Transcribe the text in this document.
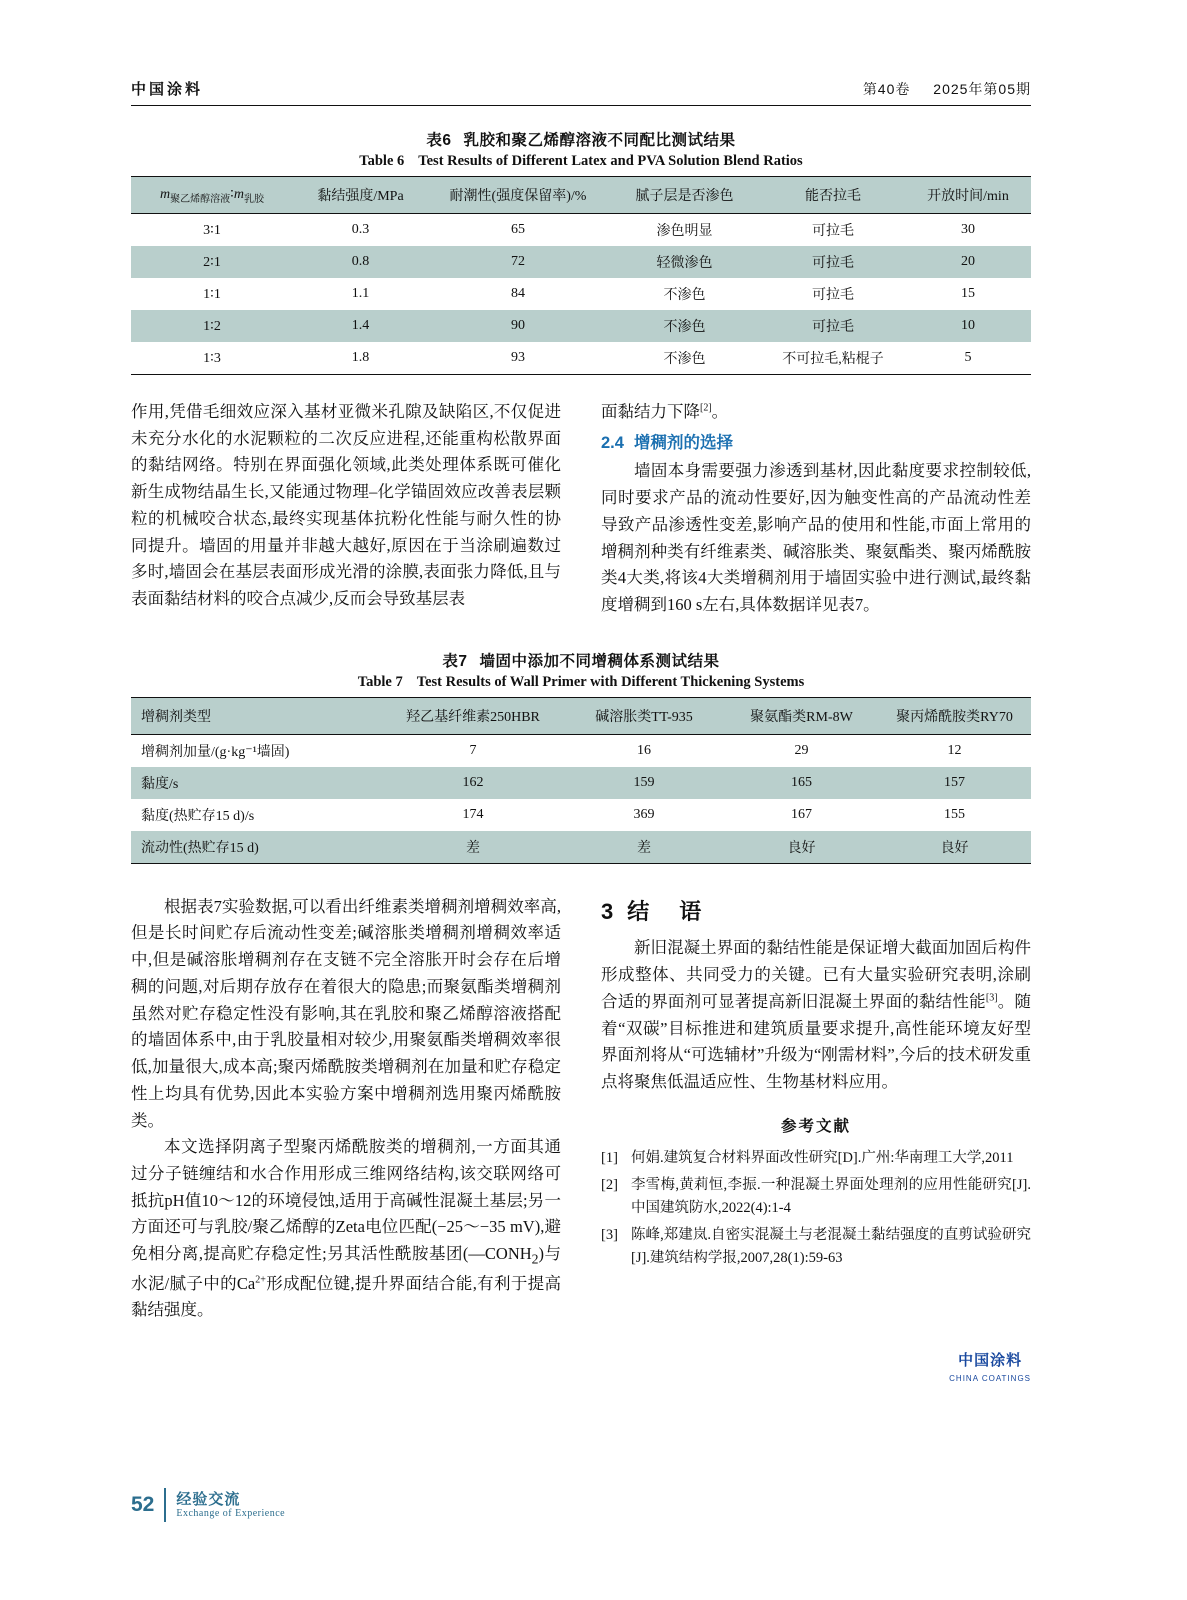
中国涂料	第40卷 2025年第05期
表6 乳胶和聚乙烯醇溶液不同配比测试结果
Table 6 Test Results of Different Latex and PVA Solution Blend Ratios
$m_{聚乙烯醇溶液}∶m_{乳胶}$	黏结强度/MPa	耐潮性(强度保留率)/%	腻子层是否渗色	能否拉毛	开放时间/min
3∶1	0.3	65	渗色明显	可拉毛	30
2∶1	0.8	72	轻微渗色	可拉毛	20
1∶1	1.1	84	不渗色	可拉毛	15
1∶2	1.4	90	不渗色	可拉毛	10
1∶3	1.8	93	不渗色	不可拉毛,粘棍子	5

作用,凭借毛细效应深入基材亚微米孔隙及缺陷区,不仅促进未充分水化的水泥颗粒的二次反应进程,还能重构松散界面的黏结网络。特别在界面强化领域,此类处理体系既可催化新生成物结晶生长,又能通过物理–化学锚固效应改善表层颗粒的机械咬合状态,最终实现基体抗粉化性能与耐久性的协同提升。墙固的用量并非越大越好,原因在于当涂刷遍数过多时,墙固会在基层表面形成光滑的涂膜,表面张力降低,且与表面黏结材料的咬合点减少,反而会导致基层表

面黏结力下降[2]。

2.4 增稠剂的选择

墙固本身需要强力渗透到基材,因此黏度要求控制较低,同时要求产品的流动性要好,因为触变性高的产品流动性差导致产品渗透性变差,影响产品的使用和性能,市面上常用的增稠剂种类有纤维素类、碱溶胀类、聚氨酯类、聚丙烯酰胺类4大类,将该4大类增稠剂用于墙固实验中进行测试,最终黏度增稠到160 s左右,具体数据详见表7。

表7 墙固中添加不同增稠体系测试结果
Table 7 Test Results of Wall Primer with Different Thickening Systems
增稠剂类型	羟乙基纤维素250HBR	碱溶胀类TT-935	聚氨酯类RM-8W	聚丙烯酰胺类RY70
增稠剂加量/(g·kg⁻¹墙固)	7	16	29	12
黏度/s	162	159	165	157
黏度(热贮存15 d)/s	174	369	167	155
流动性(热贮存15 d)	差	差	良好	良好

根据表7实验数据,可以看出纤维素类增稠剂增稠效率高,但是长时间贮存后流动性变差;碱溶胀类增稠剂增稠效率适中,但是碱溶胀增稠剂存在支链不完全溶胀开时会存在后增稠的问题,对后期存放存在着很大的隐患;而聚氨酯类增稠剂虽然对贮存稳定性没有影响,其在乳胶和聚乙烯醇溶液搭配的墙固体系中,由于乳胶量相对较少,用聚氨酯类增稠效率很低,加量很大,成本高;聚丙烯酰胺类增稠剂在加量和贮存稳定性上均具有优势,因此本实验方案中增稠剂选用聚丙烯酰胺类。

本文选择阴离子型聚丙烯酰胺类的增稠剂,一方面其通过分子链缠结和水合作用形成三维网络结构,该交联网络可抵抗pH值10～12的环境侵蚀,适用于高碱性混凝土基层;另一方面还可与乳胶/聚乙烯醇的Zeta电位匹配(−25～−35 mV),避免相分离,提高贮存稳定性;另其活性酰胺基团$(—CONH_2)$与水泥/腻子中的$Ca^{2+}$形成配位键,提升界面结合能,有利于提高黏结强度。

3 结　语

新旧混凝土界面的黏结性能是保证增大截面加固后构件形成整体、共同受力的关键。已有大量实验研究表明,涂刷合适的界面剂可显著提高新旧混凝土界面的黏结性能[3]。随着“双碳”目标推进和建筑质量要求提升,高性能环境友好型界面剂将从“可选辅材”升级为“刚需材料”,今后的技术研发重点将聚焦低温适应性、生物基材料应用。

参考文献
[1] 何娟.建筑复合材料界面改性研究[D].广州:华南理工大学,2011
[2] 李雪梅,黄莉恒,李振.一种混凝土界面处理剂的应用性能研究[J].中国建筑防水,2022(4):1-4
[3] 陈峰,郑建岚.自密实混凝土与老混凝土黏结强度的直剪试验研究[J].建筑结构学报,2007,28(1):59-63
中国涂料
CHINA COATINGS
52 经验交流
Exchange of Experience
